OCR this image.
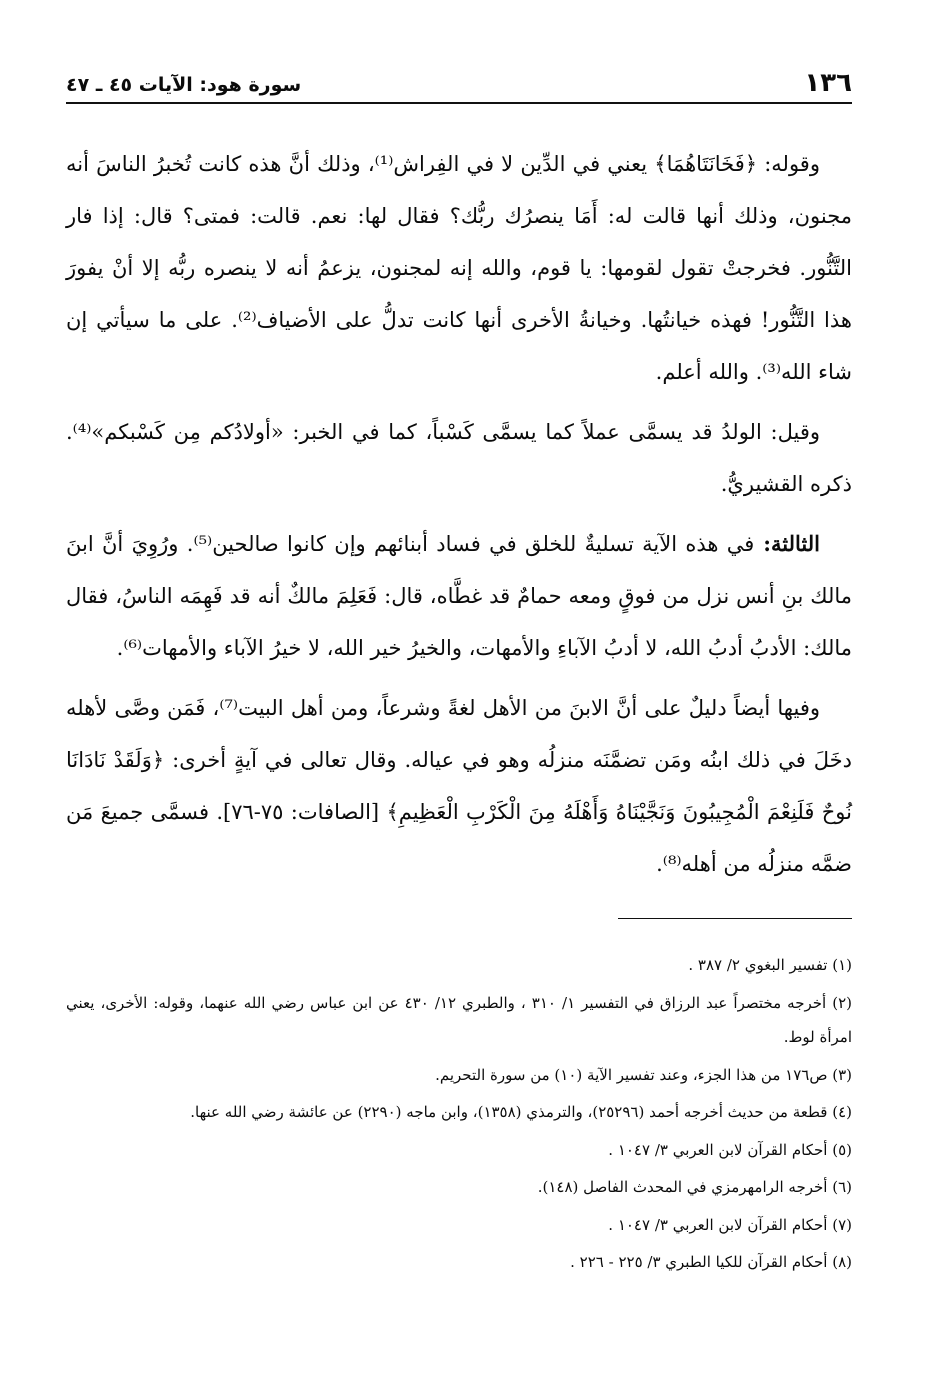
١٣٦
سورة هود: الآيات ٤٥ ـ ٤٧

وقوله: ﴿فَخَانَتَاهُمَا﴾ يعني في الدِّين لا في الفِراش⁽¹⁾، وذلك أنَّ هذه كانت تُخبرُ الناسَ أنه مجنون، وذلك أنها قالت له: أَمَا ينصرُك ربُّك؟ فقال لها: نعم. قالت: فمتى؟ قال: إذا فار التَّنُّور. فخرجتْ تقول لقومها: يا قوم، والله إنه لمجنون، يزعمُ أنه لا ينصره ربُّه إلا أنْ يفورَ هذا التَّنُّور! فهذه خيانتُها. وخيانةُ الأخرى أنها كانت تدلُّ على الأضياف⁽²⁾. على ما سيأتي إن شاء الله⁽³⁾. والله أعلم.

وقيل: الولدُ قد يسمَّى عملاً كما يسمَّى كَسْباً، كما في الخبر: «أولادُكم مِن كَسْبكم»⁽⁴⁾. ذكره القشيريُّ.

الثالثة: في هذه الآية تسليةٌ للخلق في فساد أبنائهم وإن كانوا صالحين⁽⁵⁾. ورُوِيَ أنَّ ابنَ مالك بنِ أنس نزل من فوقٍ ومعه حمامٌ قد غطَّاه، قال: فَعَلِمَ مالكٌ أنه قد فَهِمَه الناسُ، فقال مالك: الأدبُ أدبُ الله، لا أدبُ الآباءِ والأمهات، والخيرُ خير الله، لا خيرُ الآباء والأمهات⁽⁶⁾.

وفيها أيضاً دليلٌ على أنَّ الابنَ من الأهل لغةً وشرعاً، ومن أهل البيت⁽⁷⁾، فَمَن وصَّى لأهله دخَلَ في ذلك ابنُه ومَن تضمَّنَه منزلُه وهو في عياله. وقال تعالى في آيةٍ أخرى: ﴿وَلَقَدْ نَادَانَا نُوحٌ فَلَنِعْمَ الْمُجِيبُونَ وَنَجَّيْنَاهُ وَأَهْلَهُ مِنَ الْكَرْبِ الْعَظِيمِ﴾ [الصافات: ٧٥-٧٦]. فسمَّى جميعَ مَن ضمَّه منزلُه من أهله⁽⁸⁾.

(١) تفسير البغوي ٢/ ٣٨٧ .

(٢) أخرجه مختصراً عبد الرزاق في التفسير ١/ ٣١٠ ، والطبري ١٢/ ٤٣٠ عن ابن عباس رضي الله عنهما، وقوله: الأخرى، يعني امرأة لوط.

(٣) ص١٧٦ من هذا الجزء، وعند تفسير الآية (١٠) من سورة التحريم.

(٤) قطعة من حديث أخرجه أحمد (٢٥٢٩٦)، والترمذي (١٣٥٨)، وابن ماجه (٢٢٩٠) عن عائشة رضي الله عنها.

(٥) أحكام القرآن لابن العربي ٣/ ١٠٤٧ .

(٦) أخرجه الرامهرمزي في المحدث الفاصل (١٤٨).

(٧) أحكام القرآن لابن العربي ٣/ ١٠٤٧ .

(٨) أحكام القرآن للكيا الطبري ٣/ ٢٢٥ - ٢٢٦ .
